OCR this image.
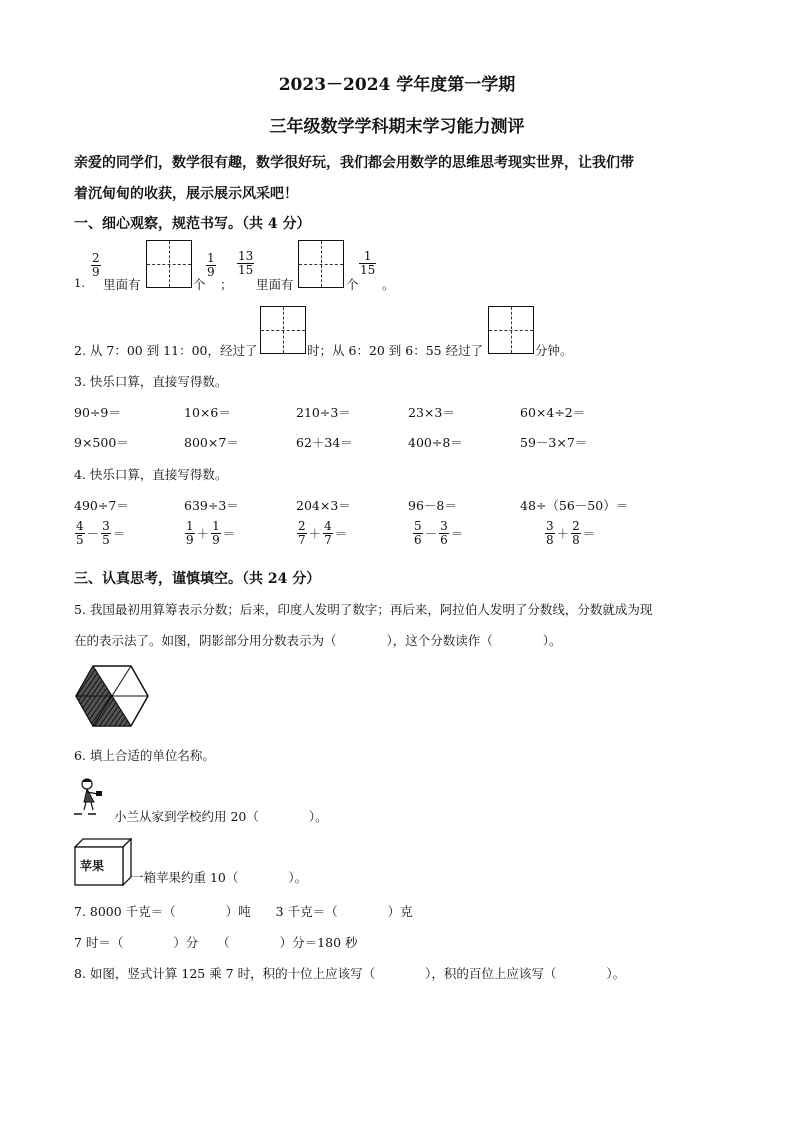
2023－2024 学年度第一学期
三年级数学学科期末学习能力测评
亲爱的同学们，数学很有趣，数学很好玩，我们都会用数学的思维思考现实世界，让我们带
着沉甸甸的收获，展示展示风采吧！
一、细心观察，规范书写。（共 4 分）
1.
$\frac{2}{9}$
里面有	个
$\frac{1}{9}$
；
$\frac{13}{15}$
里面有	个
$\frac{1}{15}$
。
2. 从 7：00 到 11：00，经过了	时；从 6：20 到 6：55 经过了	分钟。
3. 快乐口算，直接写得数。
90÷9＝	10×6＝	210÷3＝	23×3＝	60×4÷2＝
9×500＝	800×7＝	62＋34＝	400÷8＝	59－3×7＝
4. 快乐口算，直接写得数。
490÷7＝	639÷3＝	204×3＝	96－8＝	48÷（56－50）＝
$\frac{4}{5} - \frac{3}{5}$ ＝	$\frac{1}{9} + \frac{1}{9}$ ＝	$\frac{2}{7} + \frac{4}{7}$ ＝	$\frac{5}{6} - \frac{3}{6}$ ＝	$\frac{3}{8} + \frac{2}{8}$ ＝
三、认真思考，谨慎填空。（共 24 分）
5. 我国最初用算筹表示分数；后来，印度人发明了数字；再后来，阿拉伯人发明了分数线，分数就成为现
在的表示法了。如图，阴影部分用分数表示为（　　　　），这个分数读作（　　　　）。
6. 填上合适的单位名称。
小兰从家到学校约用 20（　　　　）。
苹果
一箱苹果约重 10（　　　　）。
7. 8000 千克＝（　　　　）吨　　3 千克＝（　　　　）克
7 时＝（　　　　）分　　（　　　　）分＝180 秒
8. 如图，竖式计算 125 乘 7 时，积的十位上应该写（　　　　），积的百位上应该写（　　　　）。
